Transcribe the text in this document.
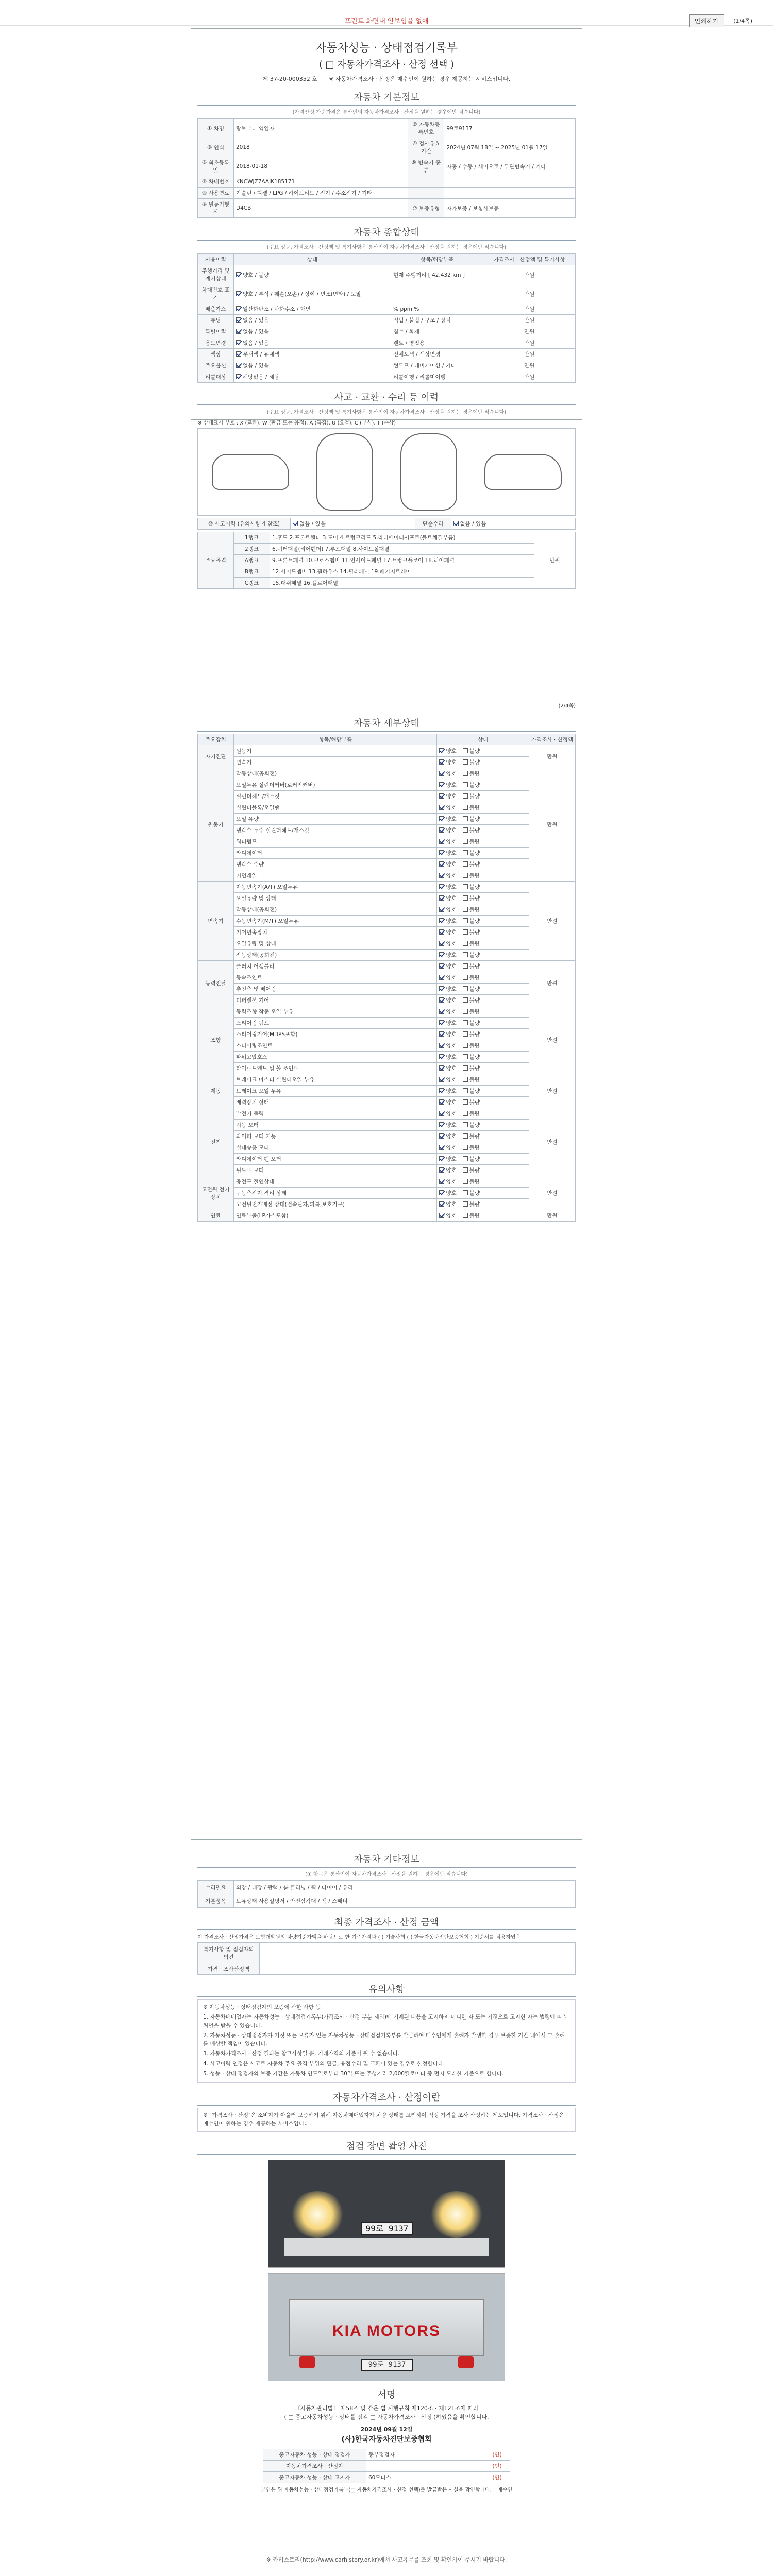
프린트 화면내 안보임을 없애	인쇄하기	(1/4쪽)
자동차성능 · 상태점검기록부
( □ 자동차가격조사 · 산정 선택 )
제 37-20-000352 호 ※ 자동차가격조사 · 산정은 매수인이 원하는 경우 제공하는 서비스입니다.
자동차 기본정보
(가격산정 가준가격은 통산인의 자동차가격조사 · 산정을 원하는 경우에만 적습니다)
① 차명	람보그니 역입자	② 자동차등록번호	99로9137
③ 연식	2018	④ 검사유효기간	2024년 07월 18일 ~ 2025년 01월 17일
⑤ 최초등록일	2018-01-18	⑥ 변속기 종류	자동 / 수동 / 세미오토 / 무단변속기 / 기타
⑦ 차대번호	KNCWJZ7AAJK185171		
⑧ 사용연료	가솔린 / 디젤 / LPG / 하이브리드 / 전기 / 수소전기 / 기타		
⑨ 원동기형식	D4CB	⑩ 보증유형	자가보증 / 보험사보증
자동차 종합상태
(주요 성능, 가격조사 · 산정액 및 특기사항은 통산인이 자동차가격조사 · 산정을 원하는 경우에만 적습니다)
사용이력	상태	항목/해당부품	가격조사 · 산정액 및 특기사항
주행거리 및 계기상태	양호 / 불량	현재 주행거리 [ 42,432 km ]	만원
차대번호 표기	양호 / 부식 / 훼손(오손) / 상이 / 변조(변타) / 도말		만원
배출가스	일산화탄소 / 탄화수소 / 매연	% ppm %	만원
튜닝	없음 / 있음	적법 / 불법 / 구조 / 장치	만원
특별이력	없음 / 있음	침수 / 화재	만원
용도변경	없음 / 있음	렌트 / 영업용	만원
색상	무채색 / 유채색	전체도색 / 색상변경	만원
주요옵션	없음 / 있음	썬루프 / 네비게이션 / 기타	만원
리콜대상	해당없음 / 해당	리콜이행 / 리콜미이행	만원
사고 · 교환 · 수리 등 이력
(주요 성능, 가격조사 · 산정액 및 특기사항은 통산인이 자동차가격조사 · 산정을 원하는 경우에만 적습니다)
※ 상태표시 부호 : X (교환), W (판금 또는 용접), A (흠집), U (요철), C (부식), T (손상)
⑩ 사고이력 (유의사항 4 참조)	없음 / 있음	단순수리	없음 / 있음
주요골격	1랭크	1.후드 2.프론트휀더 3.도어 4.트렁크리드 5.라디에이터서포트(볼트체결부품)	만원
	2랭크	6.쿼터패널(리어휀더) 7.루프패널 8.사이드실패널	
	A랭크	9.프론트패널 10.크로스멤버 11.인사이드패널 17.트렁크플로어 18.리어패널	
	B랭크	12.사이드멤버 13.휠하우스 14.필러패널 19.패키지트레이	
	C랭크	15.대쉬패널 16.플로어패널	
(2/4쪽)
자동차 세부상태
주요장치	항목/해당부품	상태	가격조사 · 산정액
자기진단	원동기	양호 불량	만원
	변속기	양호 불량	
원동기	작동상태(공회전)	양호 불량	만원
	오일누유 실린더커버(로커암커버)	양호 불량	
	실린더헤드/개스킷	양호 불량	
	실린더블록/오일팬	양호 불량	
	오일 유량	양호 불량	
	냉각수 누수 실린더헤드/개스킷	양호 불량	
	워터펌프	양호 불량	
	라디에이터	양호 불량	
	냉각수 수량	양호 불량	
	커먼레일	양호 불량	
변속기	자동변속기(A/T) 오일누유	양호 불량	만원
	오일유량 및 상태	양호 불량	
	작동상태(공회전)	양호 불량	
	수동변속기(M/T) 오일누유	양호 불량	
	기어변속장치	양호 불량	
	오일유량 및 상태	양호 불량	
	작동상태(공회전)	양호 불량	
동력전달	클러치 어셈블리	양호 불량	만원
	등속조인트	양호 불량	
	추진축 및 베어링	양호 불량	
	디퍼렌셜 기어	양호 불량	
조향	동력조향 작동 오일 누유	양호 불량	만원
	스티어링 펌프	양호 불량	
	스티어링기어(MDPS포함)	양호 불량	
	스티어링조인트	양호 불량	
	파워고압호스	양호 불량	
	타이로드엔드 및 볼 조인트	양호 불량	
제동	브레이크 마스터 실린더오일 누유	양호 불량	만원
	브레이크 오일 누유	양호 불량	
	배력장치 상태	양호 불량	
전기	발전기 출력	양호 불량	만원
	시동 모터	양호 불량	
	와이퍼 모터 기능	양호 불량	
	실내송풍 모터	양호 불량	
	라디에이터 팬 모터	양호 불량	
	윈도우 모터	양호 불량	
고전원 전기장치	충전구 절연상태	양호 불량	만원
	구동축전지 격리 상태	양호 불량	
	고전원전기배선 상태(접속단자,피복,보호기구)	양호 불량	
연료	연료누출(LP가스포함)	양호 불량	만원
자동차 기타정보
(① 항목은 통산인이 자동차가격조사 · 산정을 원하는 경우에만 적습니다)
수리필요	외장 / 내장 / 광택 / 룸 클리닝 / 휠 / 타이어 / 유리
기본품목	보유상태 사용설명서 / 안전삼각대 / 잭 / 스패너
최종 가격조사 · 산정 금액
이 가격조사 · 산정가격은 보험개발원의 차량기준가액을 바탕으로 한 기준가격과 ( ) 기술사회 ( ) 한국자동차진단보증협회 ) 기준서를 적용하였음
특기사항 및 점검자의 의견	
가격 · 조사산정액	
유의사항

※ 자동차성능 · 상태점검자의 보증에 관한 사항 등

1. 자동차매매업자는 자동차성능 · 상태점검기록부(가격조사 · 산정 부분 제외)에 기재된 내용을 고지하지 아니한 자 또는 거짓으로 고지한 자는 법령에 따라 처벌을 받을 수 있습니다.

2. 자동차성능 · 상태점검자가 거짓 또는 오류가 있는 자동차성능 · 상태점검기록부를 발급하여 매수인에게 손해가 발생한 경우 보증한 기간 내에서 그 손해를 배상할 책임이 있습니다.

3. 자동차가격조사 · 산정 결과는 참고사항일 뿐, 거래가격의 기준이 될 수 없습니다.

4. 사고이력 인정은 사고로 자동차 주요 골격 부위의 판금, 용접수리 및 교환이 있는 경우로 한정합니다.

5. 성능 · 상태 점검자의 보증 기간은 자동차 인도일로부터 30일 또는 주행거리 2,000킬로미터 중 먼저 도래한 기준으로 합니다.

자동차가격조사 · 산정이란
※ "가격조사 · 산정"은 소비자가 아울러 보증하기 위해 자동차매매업자가 차량 상태를 고려하여 적정 가격을 조사·산정하는 제도입니다. 가격조사 · 산정은 매수인이 원하는 경우 제공하는 서비스입니다.
점검 장면 촬영 사진
99로 9137
KIA MOTORS
99로 9137
서명
『자동차관리법』 제58조 및 같은 법 시행규칙 제120조 · 제121조에 따라
( □ 중고자동차성능 · 상태를 점검 □ 자동차가격조사 · 산정 )하였음을 확인합니다.
2024년 09월 12일
(사)한국자동차진단보증협회
중고자동차 성능 · 상태 점검자	동부점검자	(인)
자동차가격조사 · 산정자		(인)
중고자동차 성능 · 상태 고지자	60모터스	(인)
본인은 위 자동차성능 · 상태점검기록부(□ 자동차가격조사 · 산정 선택)를 발급받은 사실을 확인합니다. 매수인
※ 카히스토리(http://www.carhistory.or.kr)에서 사고유무를 조회 및 확인하여 주시기 바랍니다.
